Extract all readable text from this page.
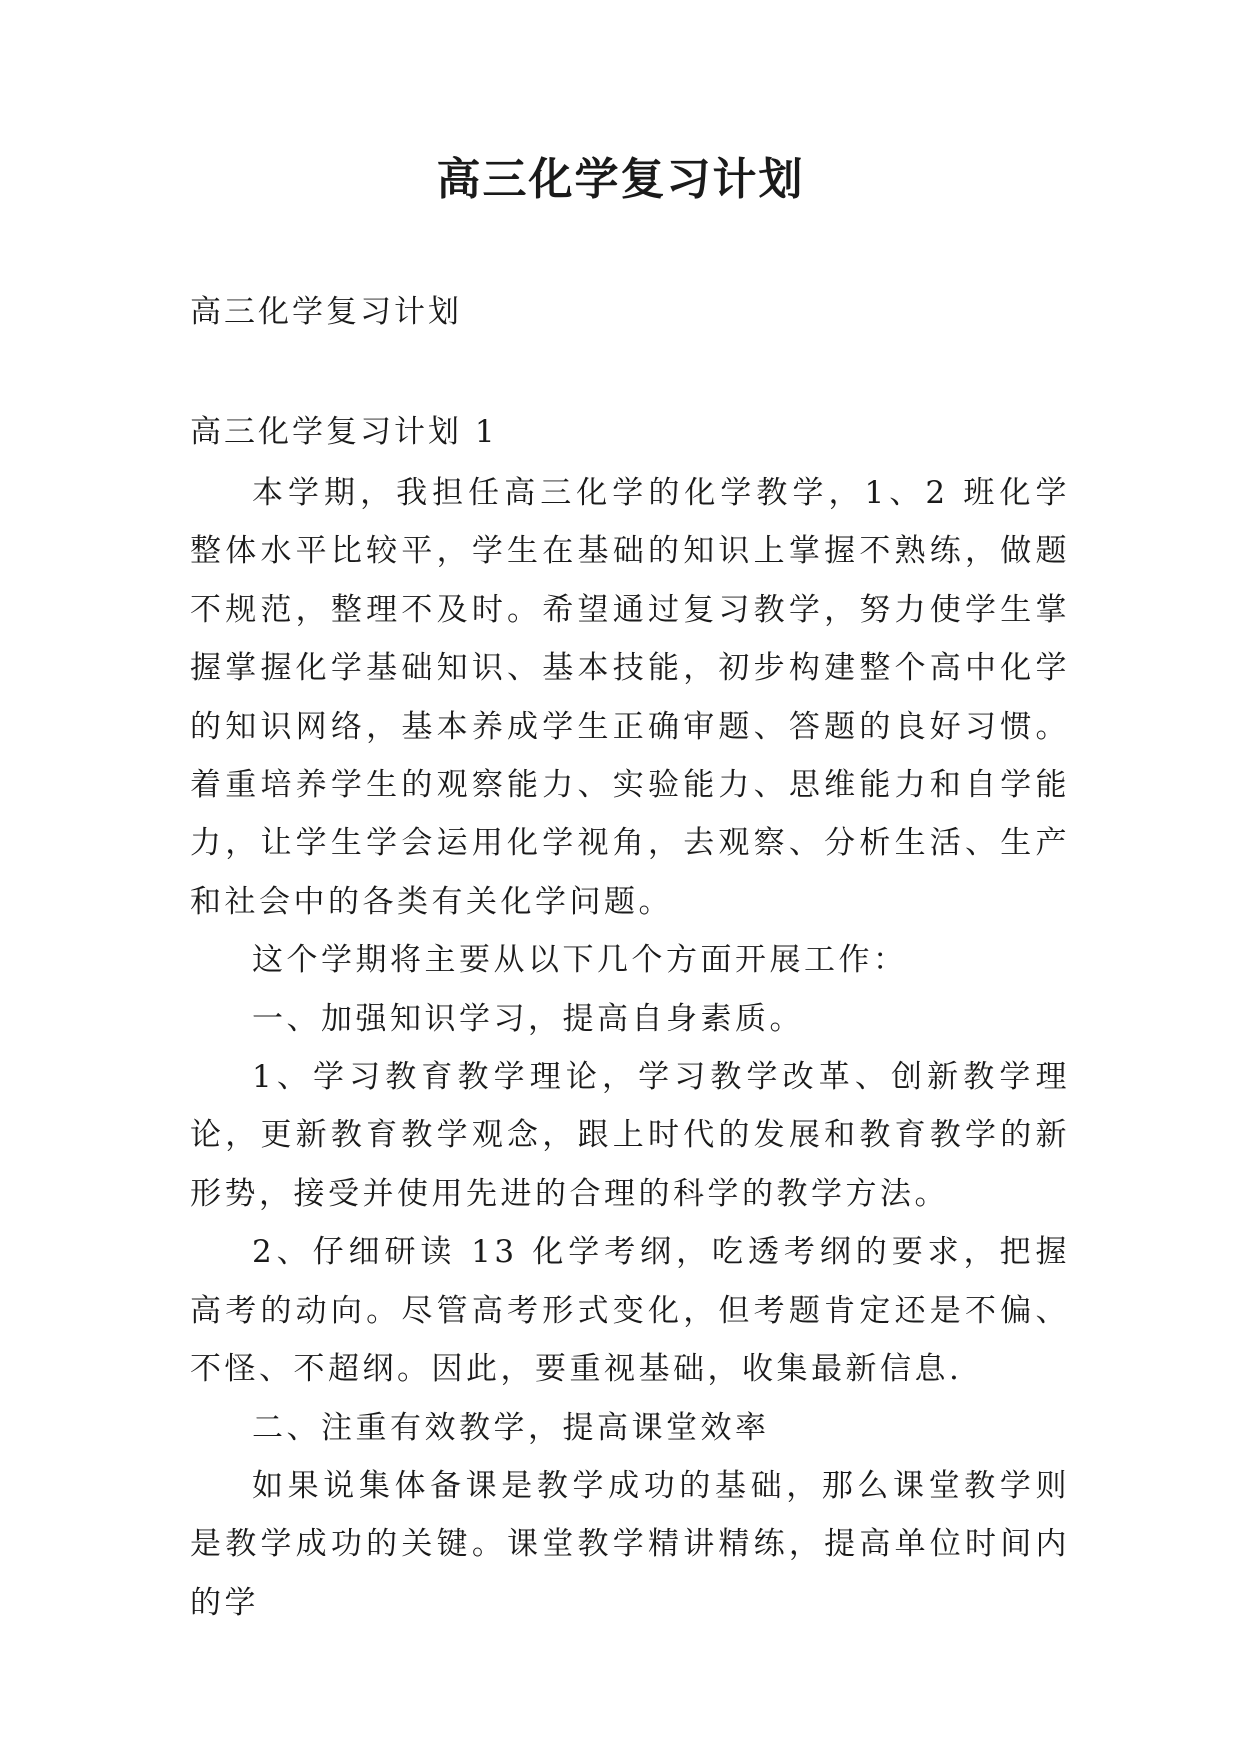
高三化学复习计划

高三化学复习计划

高三化学复习计划 1

本学期，我担任高三化学的化学教学，1、2 班化学整体水平比较平，学生在基础的知识上掌握不熟练，做题不规范，整理不及时。希望通过复习教学，努力使学生掌握掌握化学基础知识、基本技能，初步构建整个高中化学的知识网络，基本养成学生正确审题、答题的良好习惯。着重培养学生的观察能力、实验能力、思维能力和自学能力，让学生学会运用化学视角，去观察、分析生活、生产和社会中的各类有关化学问题。

这个学期将主要从以下几个方面开展工作：

一、加强知识学习，提高自身素质。

1、学习教育教学理论，学习教学改革、创新教学理论，更新教育教学观念，跟上时代的发展和教育教学的新形势，接受并使用先进的合理的科学的教学方法。

2、仔细研读 13 化学考纲，吃透考纲的要求，把握高考的动向。尽管高考形式变化，但考题肯定还是不偏、不怪、不超纲。因此，要重视基础，收集最新信息.

二、注重有效教学，提高课堂效率

如果说集体备课是教学成功的基础，那么课堂教学则是教学成功的关键。课堂教学精讲精练，提高单位时间内的学
